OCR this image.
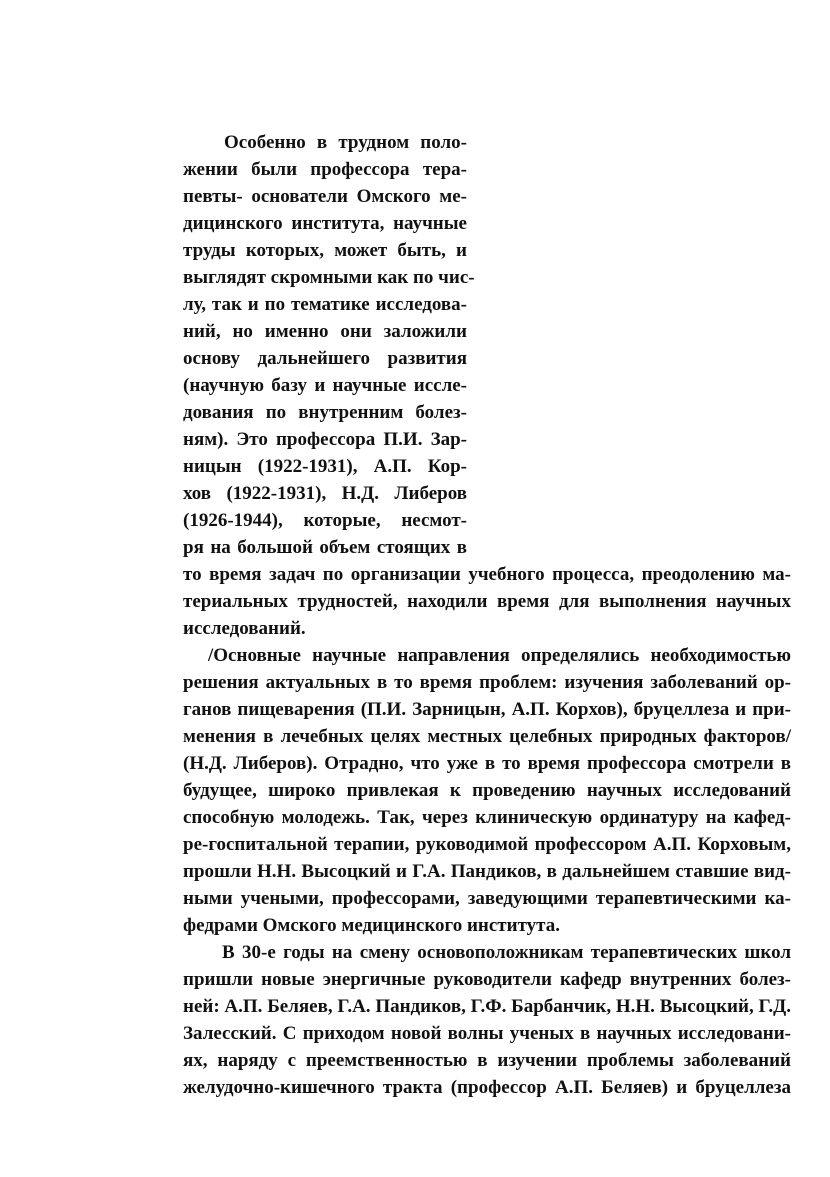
Особенно в трудном поло-

жении были профессора тера-

певты- основатели Омского ме-

дицинского института, научные

труды которых, может быть, и

выглядят скромными как по чис-

лу, так и по тематике исследова-

ний, но именно они заложили

основу дальнейшего развития

(научную базу и научные иссле-

дования по внутренним болез-

ням). Это профессора П.И. Зар-

ницын (1922-1931), А.П. Кор-

хов (1922-1931), Н.Д. Либеров

(1926-1944), которые, несмот-

ря на большой объем стоящих в

то время задач по организации учебного процесса, преодолению ма-

териальных трудностей, находили время для выполнения научных

исследований.

/Основные научные направления определялись необходимостью

решения актуальных в то время проблем: изучения заболеваний ор-

ганов пищеварения (П.И. Зарницын, А.П. Корхов), бруцеллеза и при-

менения в лечебных целях местных целебных природных факторов/

(Н.Д. Либеров). Отрадно, что уже в то время профессора смотрели в

будущее, широко привлекая к проведению научных исследований

способную молодежь. Так, через клиническую ординатуру на кафед-

ре-госпитальной терапии, руководимой профессором А.П. Корховым,

прошли Н.Н. Высоцкий и Г.А. Пандиков, в дальнейшем ставшие вид-

ными учеными, профессорами, заведующими терапевтическими ка-

федрами Омского медицинского института.

В 30-е годы на смену основоположникам терапевтических школ

пришли новые энергичные руководители кафедр внутренних болез-

ней: А.П. Беляев, Г.А. Пандиков, Г.Ф. Барбанчик, Н.Н. Высоцкий, Г.Д.

Залесский. С приходом новой волны ученых в научных исследовани-

ях, наряду с преемственностью в изучении проблемы заболеваний

желудочно-кишечного тракта (профессор А.П. Беляев) и бруцеллеза
